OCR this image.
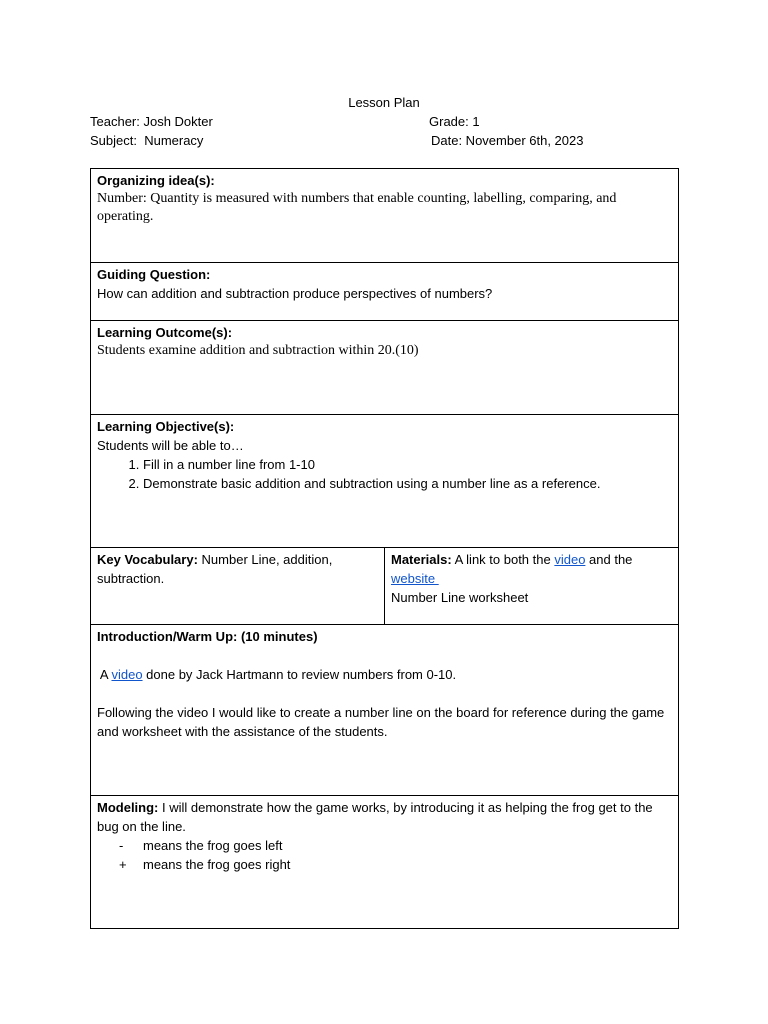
Lesson Plan
Teacher: Josh Dokter	Grade: 1
Subject:  Numeracy	Date: November 6th, 2023
Organizing idea(s):
Number: Quantity is measured with numbers that enable counting, labelling, comparing, and operating.

Guiding Question:
How can addition and subtraction produce perspectives of numbers?

Learning Outcome(s):
Students examine addition and subtraction within 20.(10)

Learning Objective(s):
Students will be able to…
1. Fill in a number line from 1-10
2. Demonstrate basic addition and subtraction using a number line as a reference.

Key Vocabulary: Number Line, addition, subtraction.	Materials: A link to both the video and the
website
Number Line worksheet

Introduction/Warm Up: (10 minutes)

A video done by Jack Hartmann to review numbers from 0-10.

Following the video I would like to create a number line on the board for reference during the game and worksheet with the assistance of the students.

Modeling: I will demonstrate how the game works, by introducing it as helping the frog get to the bug on the line.
- means the frog goes left
+ means the frog goes right
